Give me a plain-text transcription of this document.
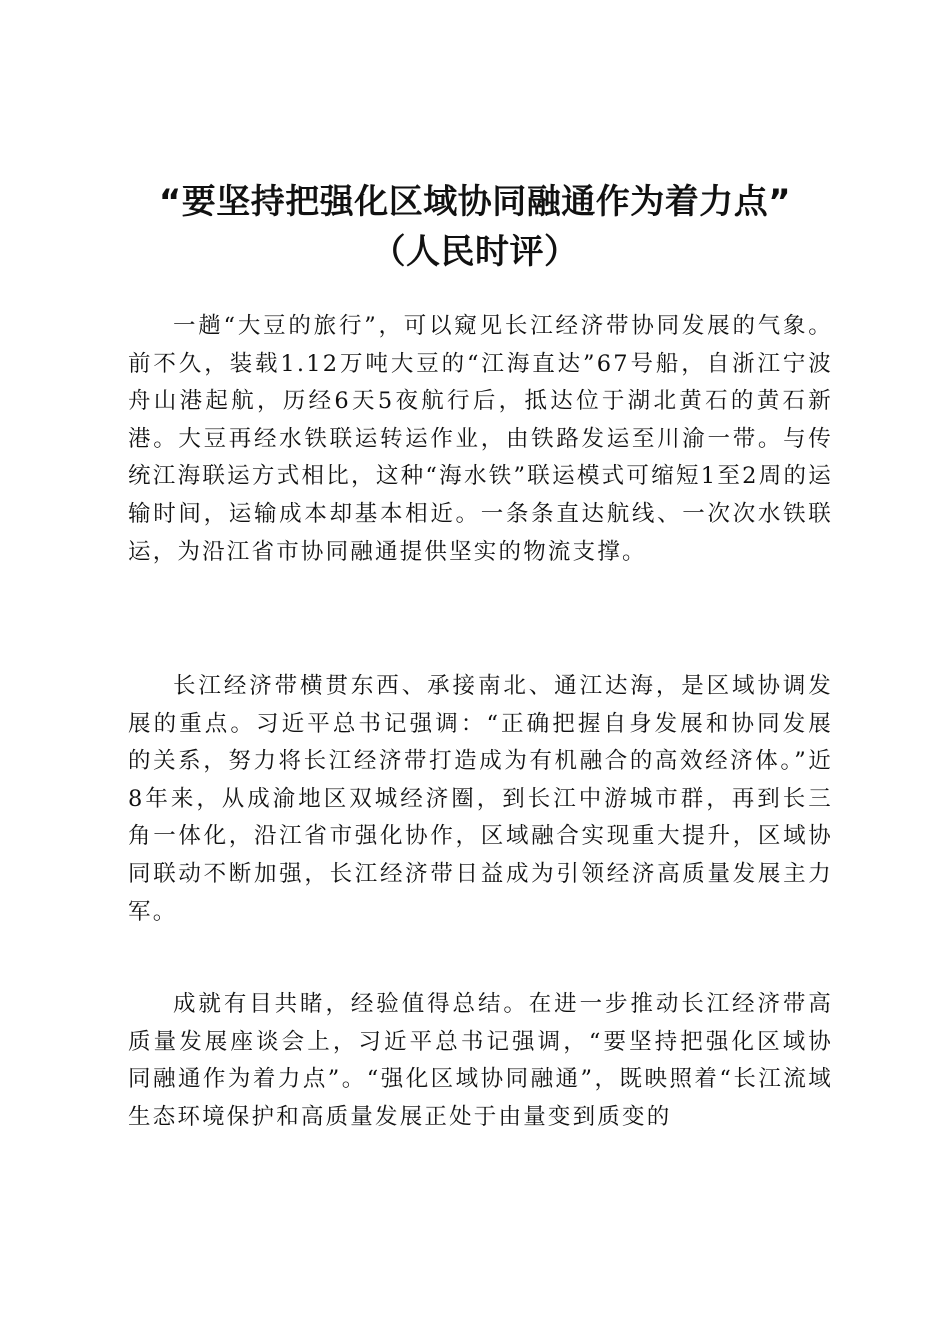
“要坚持把强化区域协同融通作为着力点”
（人民时评）

一趟“大豆的旅行”，可以窥见长江经济带协同发展的气象。前不久，装载1.12万吨大豆的“江海直达”67号船，自浙江宁波舟山港起航，历经6天5夜航行后，抵达位于湖北黄石的黄石新港。大豆再经水铁联运转运作业，由铁路发运至川渝一带。与传统江海联运方式相比，这种“海水铁”联运模式可缩短1至2周的运输时间，运输成本却基本相近。一条条直达航线、一次次水铁联运，为沿江省市协同融通提供坚实的物流支撑。

长江经济带横贯东西、承接南北、通江达海，是区域协调发展的重点。习近平总书记强调：“正确把握自身发展和协同发展的关系，努力将长江经济带打造成为有机融合的高效经济体。”近8年来，从成渝地区双城经济圈，到长江中游城市群，再到长三角一体化，沿江省市强化协作，区域融合实现重大提升，区域协同联动不断加强，长江经济带日益成为引领经济高质量发展主力军。

成就有目共睹，经验值得总结。在进一步推动长江经济带高质量发展座谈会上，习近平总书记强调，“要坚持把强化区域协同融通作为着力点”。“强化区域协同融通”，既映照着“长江流域生态环境保护和高质量发展正处于由量变到质变的
